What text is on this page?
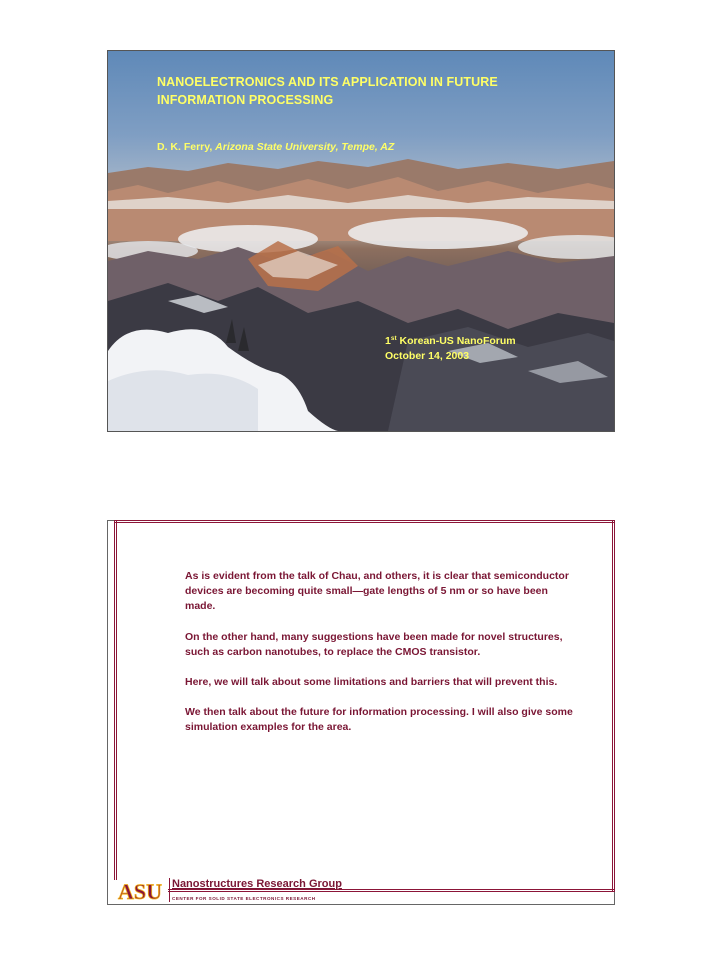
NANOELECTRONICS AND ITS APPLICATION IN FUTURE
INFORMATION PROCESSING
D. K. Ferry, Arizona State University, Tempe, AZ
1st Korean-US NanoForum
October 14, 2003

As is evident from the talk of Chau, and others, it is clear that semiconductor devices are becoming quite small—gate lengths of 5 nm or so have been made.

On the other hand, many suggestions have been made for novel structures, such as carbon nanotubes, to replace the CMOS transistor.

Here, we will talk about some limitations and barriers that will prevent this.

We then talk about the future for information processing. I will also give some simulation examples for the area.

ASU Nanostructures Research Group
CENTER FOR SOLID STATE ELECTRONICS RESEARCH
